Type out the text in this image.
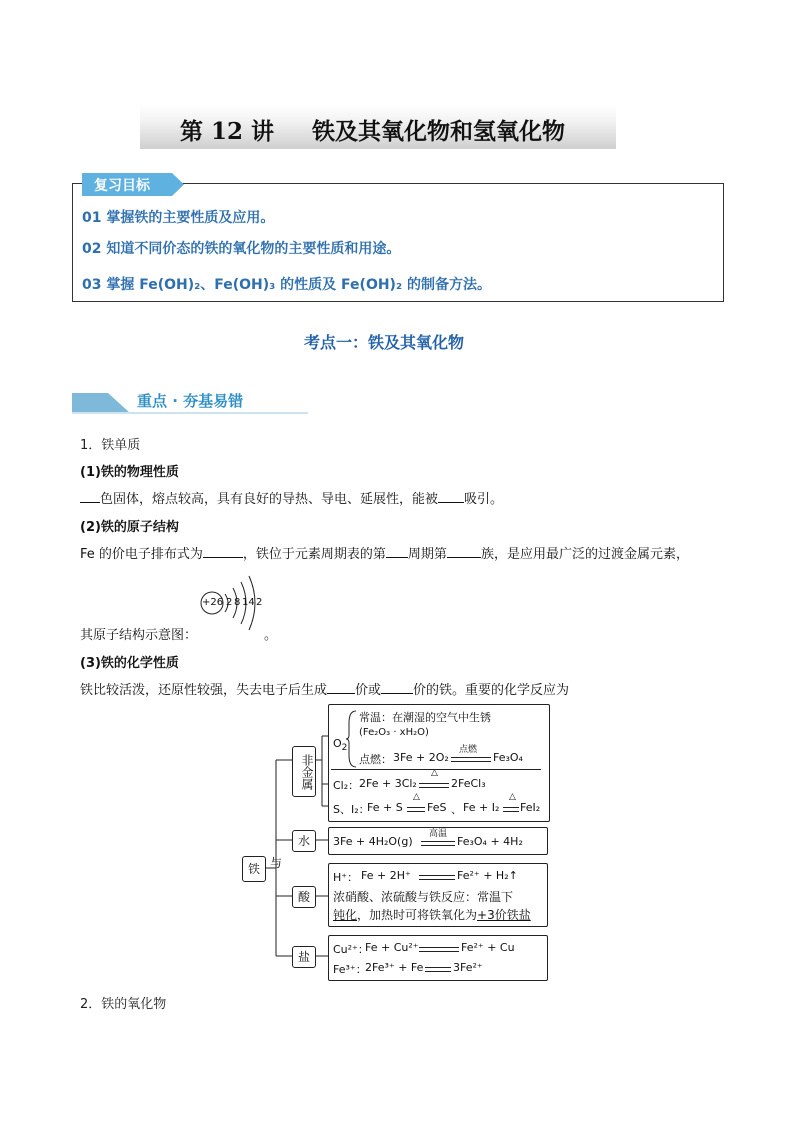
第 12 讲 铁及其氧化物和氢氧化物
复习目标
01 掌握铁的主要性质及应用。
02 知道不同价态的铁的氧化物的主要性质和用途。
03 掌握 Fe(OH)₂、Fe(OH)₃ 的性质及 Fe(OH)₂ 的制备方法。
考点一：铁及其氧化物
重点 · 夯基易错
1．铁单质
(1)铁的物理性质
色固体，熔点较高，具有良好的导热、导电、延展性，能被 吸引。
(2)铁的原子结构
Fe 的价电子排布式为	，铁位于元素周期表的第 周期第	族，是应用最广泛的过渡金属元素，
+26 2 8 14 2
其原子结构示意图：	。
(3)铁的化学性质
铁比较活泼，还原性较强，失去电子后生成 价或 价的铁。重要的化学反应为
铁 与
非金属
水
酸
盐
$O_2$
常温：在潮湿的空气中生锈
(Fe₂O₃ · xH₂O)
点燃： 3Fe + 2O₂
点燃
Fe₃O₄
Cl₂： 2Fe + 3Cl₂
△
2FeCl₃
S、I₂：
Fe + S
△
FeS 、 Fe + I₂
△
FeI₂
3Fe + 4H₂O(g)
高温
Fe₃O₄ + 4H₂
H⁺： Fe + 2H⁺	Fe²⁺ + H₂↑
浓硝酸、浓硫酸与铁反应：常温下
钝化，加热时可将铁氧化为+3价铁盐
Cu²⁺：
Fe + Cu²⁺	Fe²⁺ + Cu
Fe³⁺：
2Fe³⁺ + Fe	3Fe²⁺
2．铁的氧化物
